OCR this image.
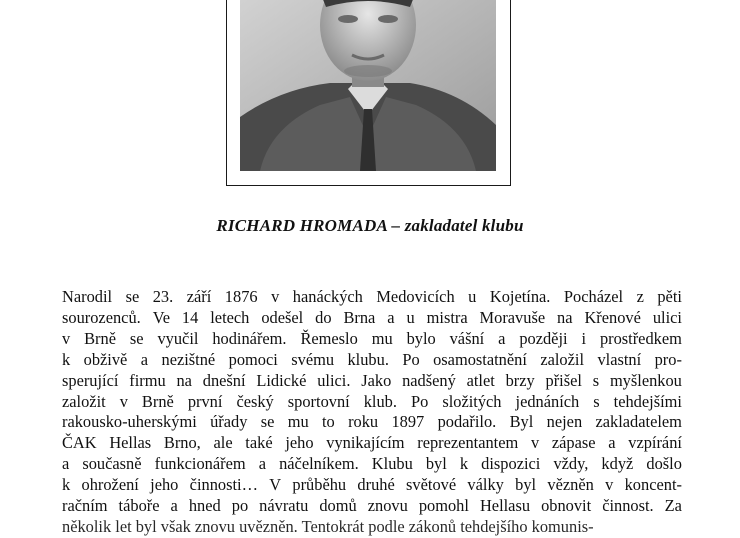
RICHARD HROMADA – zakladatel klubu
Narodil se 23. září 1876 v hanáckých Medovicích u Kojetína. Pocházel z pěti
sourozenců. Ve 14 letech odešel do Brna a u mistra Moravuše na Křenové ulici
v Brně se vyučil hodinářem. Řemeslo mu bylo vášní a později i prostředkem
k obživě a nezištné pomoci svému klubu. Po osamostatnění založil vlastní pro-
sperující firmu na dnešní Lidické ulici. Jako nadšený atlet brzy přišel s myšlenkou
založit v Brně první český sportovní klub. Po složitých jednáních s tehdejšími
rakousko-uherskými úřady se mu to roku 1897 podařilo. Byl nejen zakladatelem
ČAK Hellas Brno, ale také jeho vynikajícím reprezentantem v zápase a vzpírání
a současně funkcionářem a náčelníkem. Klubu byl k dispozici vždy, když došlo
k ohrožení jeho činnosti… V průběhu druhé světové války byl vězněn v koncent-
račním táboře a hned po návratu domů znovu pomohl Hellasu obnovit činnost. Za
několik let byl však znovu uvězněn. Tentokrát podle zákonů tehdejšího komunis-
